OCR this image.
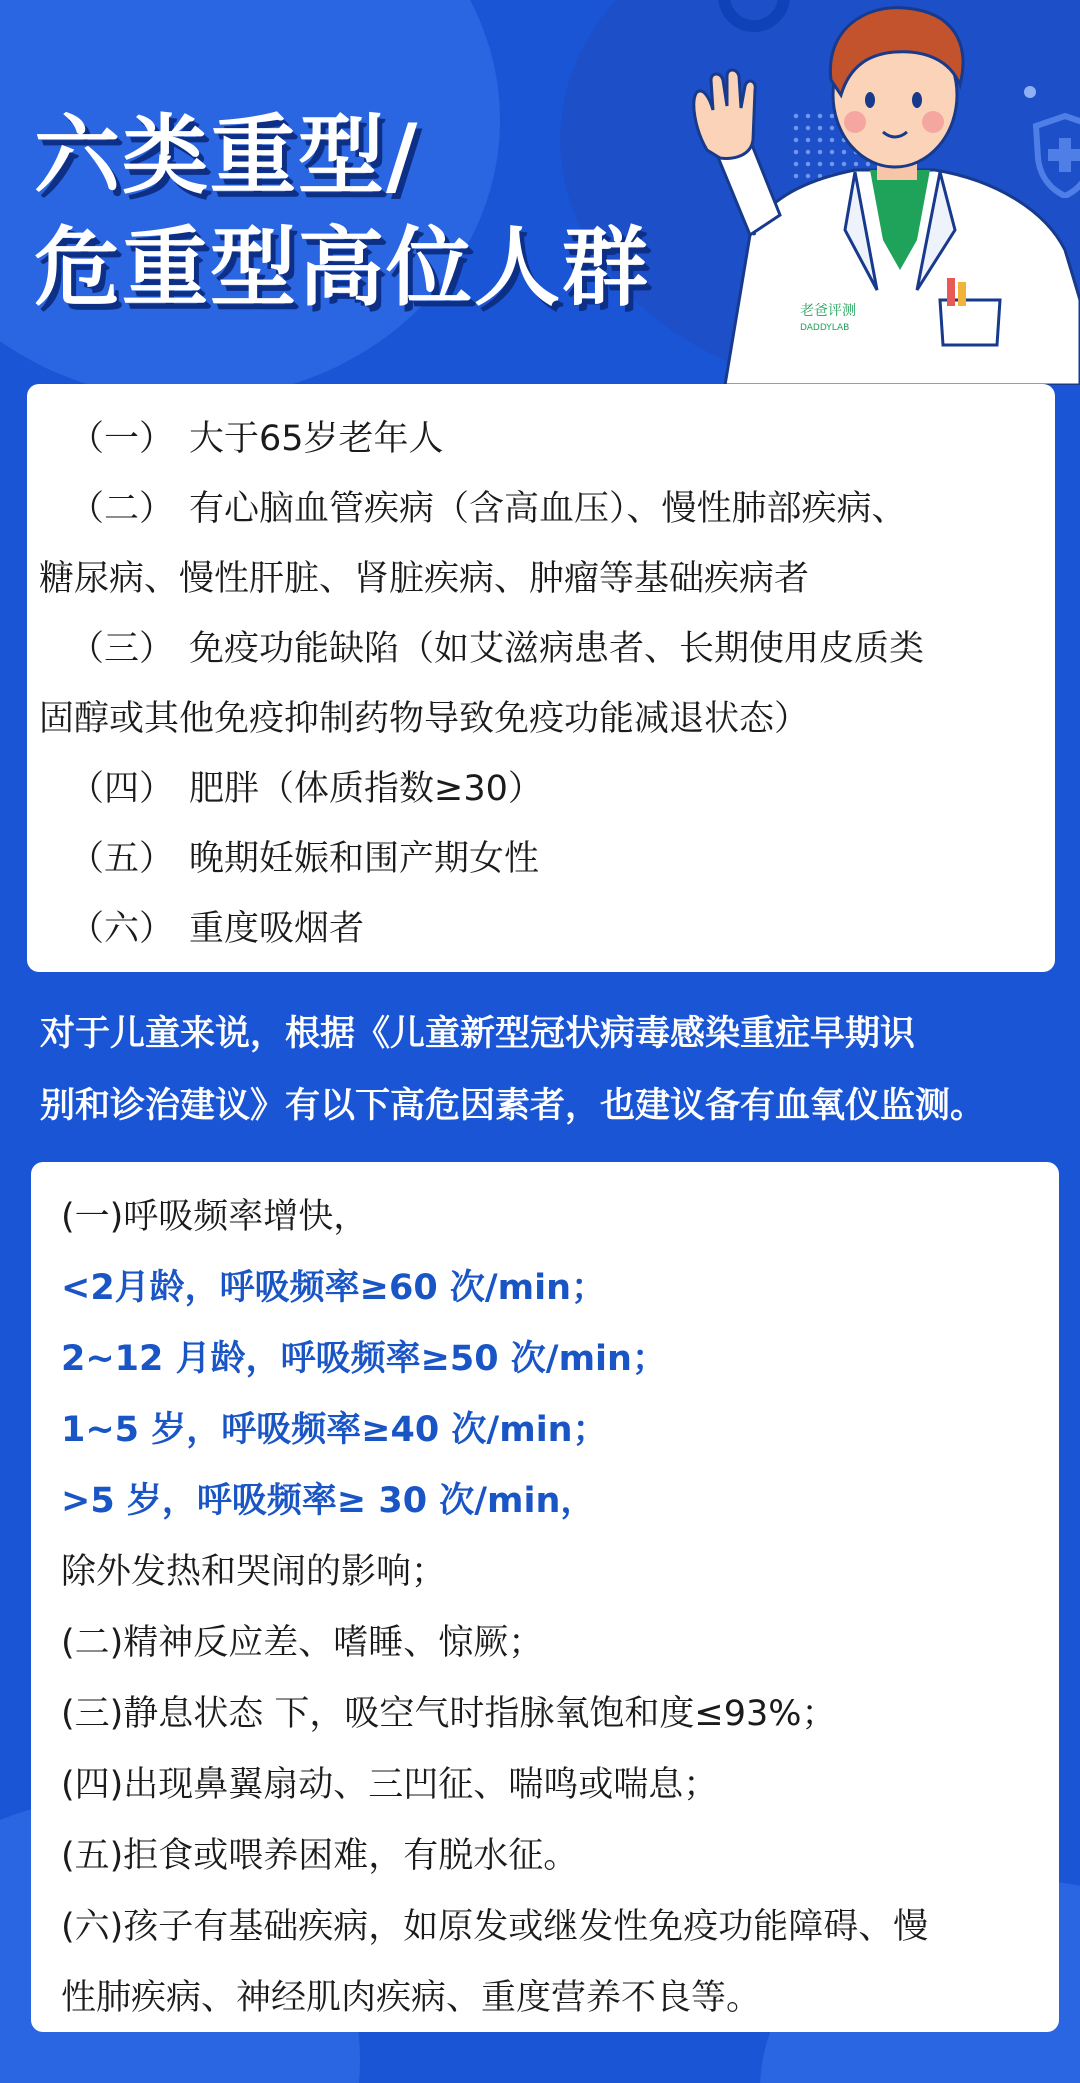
六类重型/
危重型高位人群	老爸评测
DADDYLAB
（一） 大于65岁老年人
（二） 有心脑血管疾病（含高血压）、慢性肺部疾病、
糖尿病、慢性肝脏、肾脏疾病、肿瘤等基础疾病者
（三） 免疫功能缺陷（如艾滋病患者、长期使用皮质类
固醇或其他免疫抑制药物导致免疫功能减退状态）
（四） 肥胖（体质指数≥30）
（五） 晚期妊娠和围产期女性
（六） 重度吸烟者
对于儿童来说，根据《儿童新型冠状病毒感染重症早期识
别和诊治建议》有以下高危因素者，也建议备有血氧仪监测。
(一)呼吸频率增快，
<2月龄，呼吸频率≥60 次/min；
2~12 月龄，呼吸频率≥50 次/min；
1~5 岁，呼吸频率≥40 次/min；
>5 岁，呼吸频率≥ 30 次/min，
除外发热和哭闹的影响；
(二)精神反应差、嗜睡、惊厥；
(三)静息状态 下，吸空气时指脉氧饱和度≤93%；
(四)出现鼻翼扇动、三凹征、喘鸣或喘息；
(五)拒食或喂养困难，有脱水征。
(六)孩子有基础疾病，如原发或继发性免疫功能障碍、慢
性肺疾病、神经肌肉疾病、重度营养不良等。
